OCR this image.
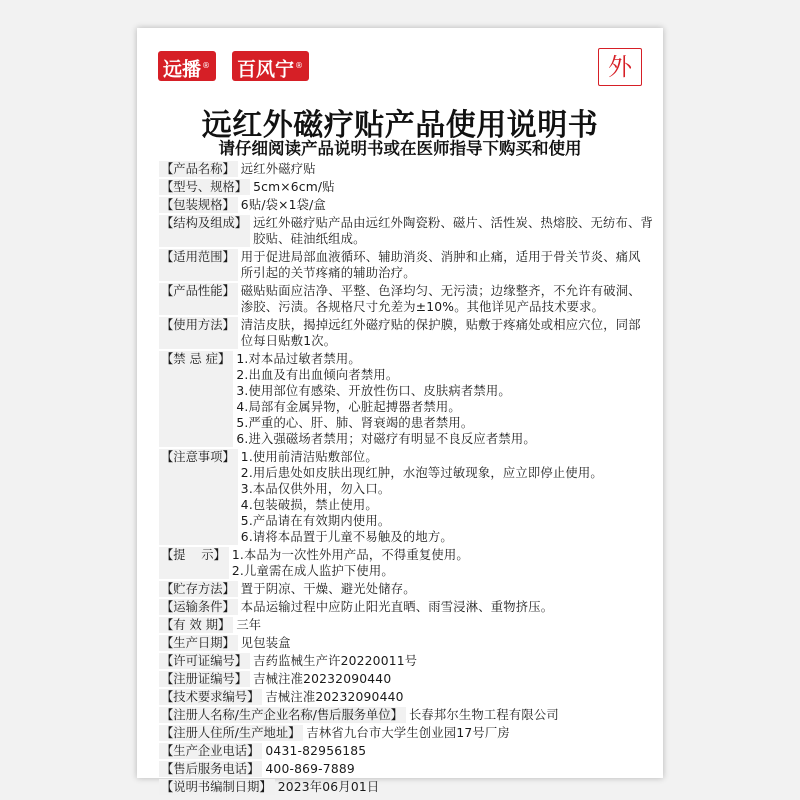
远播®	百风宁®	外
远红外磁疗贴产品使用说明书
请仔细阅读产品说明书或在医师指导下购买和使用
【产品名称】 远红外磁疗贴
【型号、规格】 5cm×6cm/贴
【包装规格】 6贴/袋×1袋/盒
【结构及组成】 远红外磁疗贴产品由远红外陶瓷粉、磁片、活性炭、热熔胶、无纺布、背胶贴、硅油纸组成。
【适用范围】 用于促进局部血液循环、辅助消炎、消肿和止痛，适用于骨关节炎、痛风所引起的关节疼痛的辅助治疗。
【产品性能】 磁贴贴面应洁净、平整、色泽均匀、无污渍；边缘整齐，不允许有破洞、渗胶、污渍。各规格尺寸允差为±10%。其他详见产品技术要求。
【使用方法】 清洁皮肤，揭掉远红外磁疗贴的保护膜，贴敷于疼痛处或相应穴位，同部位每日贴敷1次。
【禁 忌 症】 1.对本品过敏者禁用。
2.出血及有出血倾向者禁用。
3.使用部位有感染、开放性伤口、皮肤病者禁用。
4.局部有金属异物，心脏起搏器者禁用。
5.严重的心、肝、肺、肾衰竭的患者禁用。
6.进入强磁场者禁用；对磁疗有明显不良反应者禁用。
【注意事项】 1.使用前清洁贴敷部位。
2.用后患处如皮肤出现红肿，水泡等过敏现象，应立即停止使用。
3.本品仅供外用，勿入口。
4.包装破损，禁止使用。
5.产品请在有效期内使用。
6.请将本品置于儿童不易触及的地方。
【提    示】 1.本品为一次性外用产品，不得重复使用。
2.儿童需在成人监护下使用。
【贮存方法】 置于阴凉、干燥、避光处储存。
【运输条件】 本品运输过程中应防止阳光直晒、雨雪浸淋、重物挤压。
【有 效 期】 三年
【生产日期】 见包装盒
【许可证编号】 吉药监械生产许20220011号
【注册证编号】 吉械注准20232090440
【技术要求编号】 吉械注准20232090440
【注册人名称/生产企业名称/售后服务单位】 长春邦尔生物工程有限公司
【注册人住所/生产地址】 吉林省九台市大学生创业园17号厂房
【生产企业电话】 0431-82956185
【售后服务电话】 400-869-7889
【说明书编制日期】 2023年06月01日
